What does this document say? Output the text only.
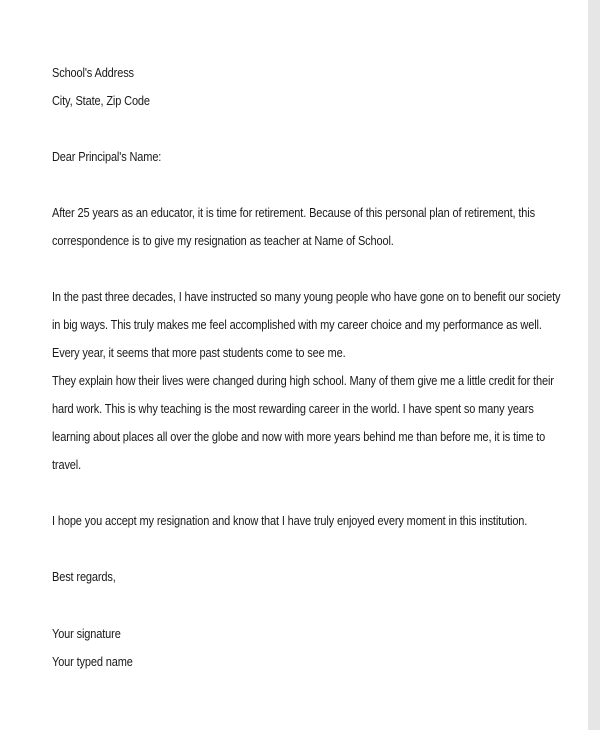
School's Address
City, State, Zip Code
Dear Principal's Name:
After 25 years as an educator, it is time for retirement. Because of this personal plan of retirement, this
correspondence is to give my resignation as teacher at Name of School.
In the past three decades, I have instructed so many young people who have gone on to benefit our society
in big ways. This truly makes me feel accomplished with my career choice and my performance as well.
Every year, it seems that more past students come to see me.
They explain how their lives were changed during high school. Many of them give me a little credit for their
hard work. This is why teaching is the most rewarding career in the world. I have spent so many years
learning about places all over the globe and now with more years behind me than before me, it is time to
travel.
I hope you accept my resignation and know that I have truly enjoyed every moment in this institution.
Best regards,
Your signature
Your typed name
